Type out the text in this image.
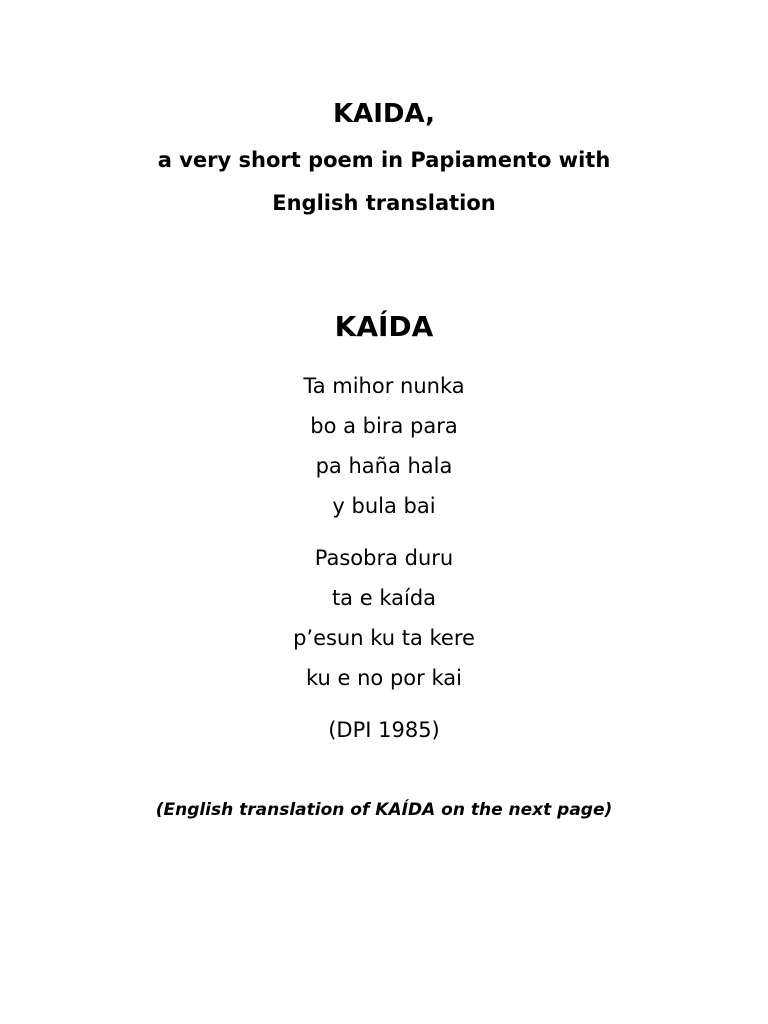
KAIDA,
a very short poem in Papiamento with
English translation
KAÍDA
Ta mihor nunka
bo a bira para
pa haña hala
y bula bai
Pasobra duru
ta e kaída
p’esun ku ta kere
ku e no por kai
(DPI 1985)
(English translation of KAÍDA on the next page)
